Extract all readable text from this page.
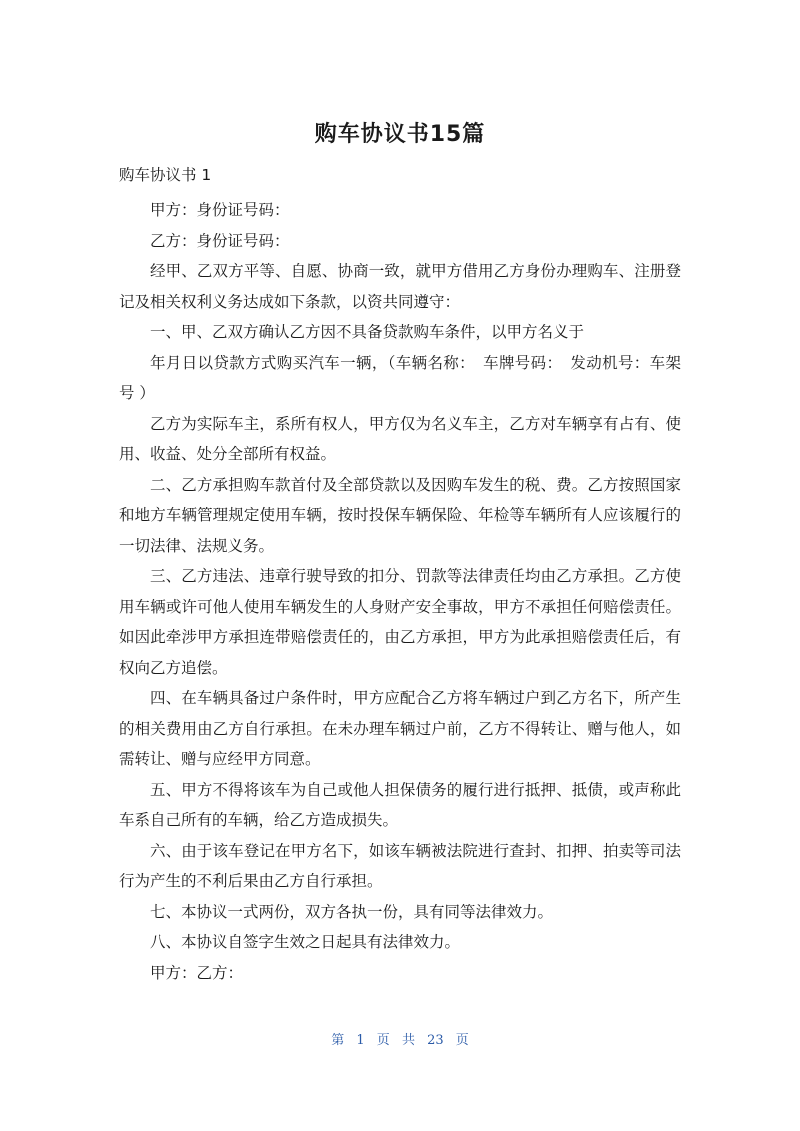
购车协议书15篇
购车协议书 1

甲方：身份证号码：

乙方：身份证号码：

经甲、乙双方平等、自愿、协商一致，就甲方借用乙方身份办理购车、注册登记及相关权利义务达成如下条款，以资共同遵守：

一、甲、乙双方确认乙方因不具备贷款购车条件，以甲方名义于

年月日以贷款方式购买汽车一辆，（车辆名称：　车牌号码：　发动机号：车架号 ）

乙方为实际车主，系所有权人，甲方仅为名义车主，乙方对车辆享有占有、使用、收益、处分全部所有权益。

二、乙方承担购车款首付及全部贷款以及因购车发生的税、费。乙方按照国家和地方车辆管理规定使用车辆，按时投保车辆保险、年检等车辆所有人应该履行的一切法律、法规义务。

三、乙方违法、违章行驶导致的扣分、罚款等法律责任均由乙方承担。乙方使用车辆或许可他人使用车辆发生的人身财产安全事故，甲方不承担任何赔偿责任。如因此牵涉甲方承担连带赔偿责任的，由乙方承担，甲方为此承担赔偿责任后，有权向乙方追偿。

四、在车辆具备过户条件时，甲方应配合乙方将车辆过户到乙方名下，所产生的相关费用由乙方自行承担。在未办理车辆过户前，乙方不得转让、赠与他人，如需转让、赠与应经甲方同意。

五、甲方不得将该车为自己或他人担保债务的履行进行抵押、抵债，或声称此车系自己所有的车辆，给乙方造成损失。

六、由于该车登记在甲方名下，如该车辆被法院进行查封、扣押、拍卖等司法行为产生的不利后果由乙方自行承担。

七、本协议一式两份，双方各执一份，具有同等法律效力。

八、本协议自签字生效之日起具有法律效力。

甲方：乙方：

第 1 页 共 23 页
